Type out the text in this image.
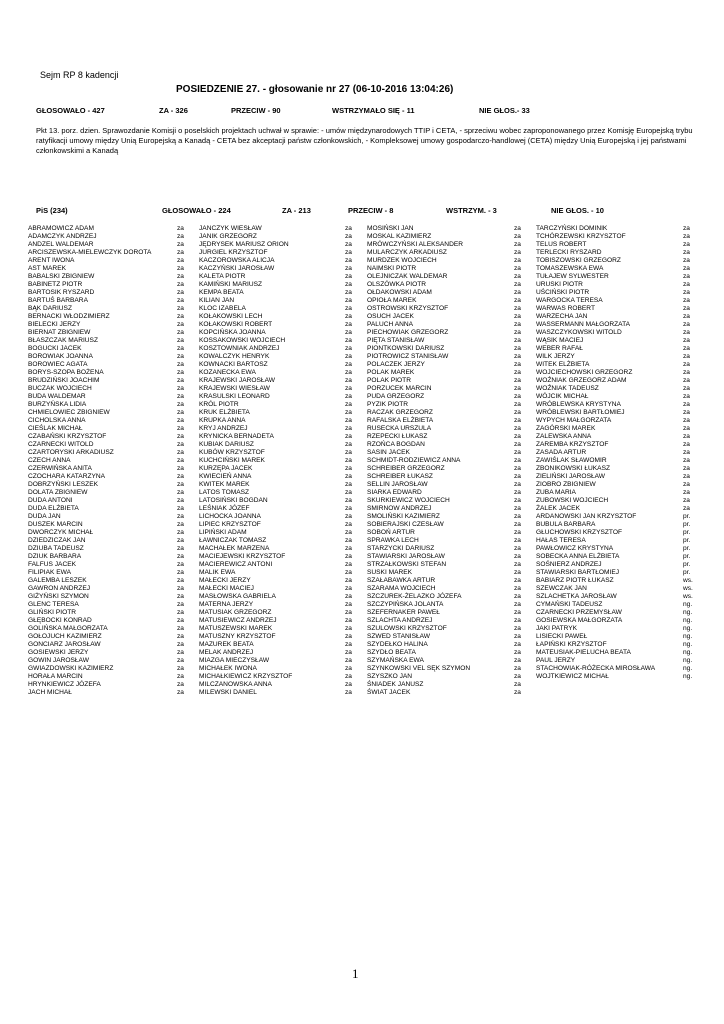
Sejm RP 8 kadencji
POSIEDZENIE 27. - głosowanie nr 27 (06-10-2016 13:04:26)
GŁOSOWAŁO - 427	ZA - 326	PRZECIW - 90	WSTRZYMAŁO SIĘ - 11	NIE GŁOS.- 33
Pkt 13. porz. dzien. Sprawozdanie Komisji o poselskich projektach uchwał w sprawie: - umów międzynarodowych TTIP i CETA, - sprzeciwu wobec zaproponowanego przez Komisję Europejską trybu ratyfikacji umowy między Unią Europejską a Kanadą - CETA bez akceptacji państw członkowskich, - Kompleksowej umowy gospodarczo-handlowej (CETA) między Unią Europejską i jej państwami członkowskimi a Kanadą
PiS (234)	GŁOSOWAŁO - 224	ZA - 213	PRZECIW - 8	WSTRZYM. - 3	NIE GŁOS. - 10
ABRAMOWICZ ADAM	za
ADAMCZYK ANDRZEJ	za
ANDZEL WALDEMAR	za
ARCISZEWSKA-MIELEWCZYK DOROTA	za
ARENT IWONA	za
AST MAREK	za
BABALSKI ZBIGNIEW	za
BABINETZ PIOTR	za
BARTOSIK RYSZARD	za
BARTUŚ BARBARA	za
BĄK DARIUSZ	za
BERNACKI WŁODZIMIERZ	za
BIELECKI JERZY	za
BIERNAT ZBIGNIEW	za
BŁASZCZAK MARIUSZ	za
BOGUCKI JACEK	za
BOROWIAK JOANNA	za
BOROWIEC AGATA	za
BORYS-SZOPA BOŻENA	za
BRUDZIŃSKI JOACHIM	za
BUCZAK WOJCIECH	za
BUDA WALDEMAR	za
BURZYŃSKA LIDIA	za
CHMIELOWIEC ZBIGNIEW	za
CICHOLSKA ANNA	za
CIEŚLAK MICHAŁ	za
CZABAŃSKI KRZYSZTOF	za
CZARNECKI WITOLD	za
CZARTORYSKI ARKADIUSZ	za
CZECH ANNA	za
CZERWIŃSKA ANITA	za
CZOCHARA KATARZYNA	za
DOBRZYŃSKI LESZEK	za
DOLATA ZBIGNIEW	za
DUDA ANTONI	za
DUDA ELŻBIETA	za
DUDA JAN	za
DUSZEK MARCIN	za
DWORCZYK MICHAŁ	za
DZIEDZICZAK JAN	za
DZIUBA TADEUSZ	za
DZIUK BARBARA	za
FALFUS JACEK	za
FILIPIAK EWA	za
GALEMBA LESZEK	za
GAWRON ANDRZEJ	za
GIŻYŃSKI SZYMON	za
GLENC TERESA	za
GLIŃSKI PIOTR	za
GŁĘBOCKI KONRAD	za
GOLIŃSKA MAŁGORZATA	za
GOŁOJUCH KAZIMIERZ	za
GONCIARZ JAROSŁAW	za
GOSIEWSKI JERZY	za
GOWIN JAROSŁAW	za
GWIAZDOWSKI KAZIMIERZ	za
HORAŁA MARCIN	za
HRYNKIEWICZ JÓZEFA	za
JACH MICHAŁ	za
JANCZYK WIESŁAW	za
JANIK GRZEGORZ	za
JĘDRYSEK MARIUSZ ORION	za
JURGIEL KRZYSZTOF	za
KACZOROWSKA ALICJA	za
KACZYŃSKI JAROSŁAW	za
KALETA PIOTR	za
KAMIŃSKI MARIUSZ	za
KEMPA BEATA	za
KILIAN JAN	za
KLOC IZABELA	za
KOŁAKOWSKI LECH	za
KOŁAKOWSKI ROBERT	za
KOPCIŃSKA JOANNA	za
KOSSAKOWSKI WOJCIECH	za
KOSZTOWNIAK ANDRZEJ	za
KOWALCZYK HENRYK	za
KOWNACKI BARTOSZ	za
KOZANECKA EWA	za
KRAJEWSKI JAROSŁAW	za
KRAJEWSKI WIESŁAW	za
KRASULSKI LEONARD	za
KRÓL PIOTR	za
KRUK ELŻBIETA	za
KRUPKA ANNA	za
KRYJ ANDRZEJ	za
KRYNICKA BERNADETA	za
KUBIAK DARIUSZ	za
KUBÓW KRZYSZTOF	za
KUCHCIŃSKI MAREK	za
KURZĘPA JACEK	za
KWIECIEŃ ANNA	za
KWITEK MAREK	za
LATOS TOMASZ	za
LATOSIŃSKI BOGDAN	za
LEŚNIAK JÓZEF	za
LICHOCKA JOANNA	za
LIPIEC KRZYSZTOF	za
LIPIŃSKI ADAM	za
ŁAWNICZAK TOMASZ	za
MACHAŁEK MARZENA	za
MACIEJEWSKI KRZYSZTOF	za
MACIEREWICZ ANTONI	za
MALIK EWA	za
MAŁECKI JERZY	za
MAŁECKI MACIEJ	za
MASŁOWSKA GABRIELA	za
MATERNA JERZY	za
MATUSIAK GRZEGORZ	za
MATUSIEWICZ ANDRZEJ	za
MATUSZEWSKI MAREK	za
MATUSZNY KRZYSZTOF	za
MAZUREK BEATA	za
MELAK ANDRZEJ	za
MIAZGA MIECZYSŁAW	za
MICHAŁEK IWONA	za
MICHAŁKIEWICZ KRZYSZTOF	za
MILCZANOWSKA ANNA	za
MILEWSKI DANIEL	za
MOSIŃSKI JAN	za
MOSKAL KAZIMIERZ	za
MRÓWCZYŃSKI ALEKSANDER	za
MULARCZYK ARKADIUSZ	za
MURDZEK WOJCIECH	za
NAIMSKI PIOTR	za
OLEJNICZAK WALDEMAR	za
OLSZÓWKA PIOTR	za
OŁDAKOWSKI ADAM	za
OPIOŁA MAREK	za
OSTROWSKI KRZYSZTOF	za
OSUCH JACEK	za
PALUCH ANNA	za
PIECHOWIAK GRZEGORZ	za
PIĘTA STANISŁAW	za
PIONTKOWSKI DARIUSZ	za
PIOTROWICZ STANISŁAW	za
POLACZEK JERZY	za
POLAK MAREK	za
POLAK PIOTR	za
PORZUCEK MARCIN	za
PUDA GRZEGORZ	za
PYZIK PIOTR	za
RACZAK GRZEGORZ	za
RAFALSKA ELŻBIETA	za
RUSECKA URSZULA	za
RZEPECKI ŁUKASZ	za
RZOŃCA BOGDAN	za
SASIN JACEK	za
SCHMIDT-RODZIEWICZ ANNA	za
SCHREIBER GRZEGORZ	za
SCHREIBER ŁUKASZ	za
SELLIN JAROSŁAW	za
SIARKA EDWARD	za
SKURKIEWICZ WOJCIECH	za
SMIRNOW ANDRZEJ	za
SMOLIŃSKI KAZIMIERZ	za
SOBIERAJSKI CZESŁAW	za
SOBOŃ ARTUR	za
SPRAWKA LECH	za
STARZYCKI DARIUSZ	za
STAWIARSKI JAROSŁAW	za
STRZAŁKOWSKI STEFAN	za
SUSKI MAREK	za
SZAŁABAWKA ARTUR	za
SZARAMA WOJCIECH	za
SZCZUREK-ŻELAZKO JÓZEFA	za
SZCZYPIŃSKA JOLANTA	za
SZEFERNAKER PAWEŁ	za
SZLACHTA ANDRZEJ	za
SZULOWSKI KRZYSZTOF	za
SZWED STANISŁAW	za
SZYDEŁKO HALINA	za
SZYDŁO BEATA	za
SZYMAŃSKA EWA	za
SZYNKOWSKI VEL SĘK SZYMON	za
SZYSZKO JAN	za
ŚNIADEK JANUSZ	za
ŚWIAT JACEK	za
TARCZYŃSKI DOMINIK	za
TCHÓRZEWSKI KRZYSZTOF	za
TELUS ROBERT	za
TERLECKI RYSZARD	za
TOBISZOWSKI GRZEGORZ	za
TOMASZEWSKA EWA	za
TUŁAJEW SYLWESTER	za
URUSKI PIOTR	za
UŚCIŃSKI PIOTR	za
WARGOCKA TERESA	za
WARWAS ROBERT	za
WARZECHA JAN	za
WASSERMANN MAŁGORZATA	za
WASZCZYKOWSKI WITOLD	za
WĄSIK MACIEJ	za
WEBER RAFAŁ	za
WILK JERZY	za
WITEK ELŻBIETA	za
WOJCIECHOWSKI GRZEGORZ	za
WOŹNIAK GRZEGORZ ADAM	za
WOŹNIAK TADEUSZ	za
WÓJCIK MICHAŁ	za
WRÓBLEWSKA KRYSTYNA	za
WRÓBLEWSKI BARTŁOMIEJ	za
WYPYCH MAŁGORZATA	za
ZAGÓRSKI MAREK	za
ZALEWSKA ANNA	za
ZAREMBA KRZYSZTOF	za
ZASADA ARTUR	za
ZAWIŚLAK SŁAWOMIR	za
ZBONIKOWSKI ŁUKASZ	za
ZIELIŃSKI JAROSŁAW	za
ZIOBRO ZBIGNIEW	za
ZUBA MARIA	za
ZUBOWSKI WOJCIECH	za
ŻALEK JACEK	za
ARDANOWSKI JAN KRZYSZTOF	pr.
BUBULA BARBARA	pr.
GŁUCHOWSKI KRZYSZTOF	pr.
HAŁAS TERESA	pr.
PAWŁOWICZ KRYSTYNA	pr.
SOBECKA ANNA ELŻBIETA	pr.
SOŚNIERZ ANDRZEJ	pr.
STAWIARSKI BARTŁOMIEJ	pr.
BABIARZ PIOTR ŁUKASZ	ws.
SZEWCZAK JAN	ws.
SZLACHETKA JAROSŁAW	ws.
CYMAŃSKI TADEUSZ	ng.
CZARNECKI PRZEMYSŁAW	ng.
GOSIEWSKA MAŁGORZATA	ng.
JAKI PATRYK	ng.
LISIECKI PAWEŁ	ng.
ŁAPIŃSKI KRZYSZTOF	ng.
MATEUSIAK-PIELUCHA BEATA	ng.
PAUL JERZY	ng.
STACHOWIAK-RÓŻECKA MIROSŁAWA	ng.
WOJTKIEWICZ MICHAŁ	ng.
1
